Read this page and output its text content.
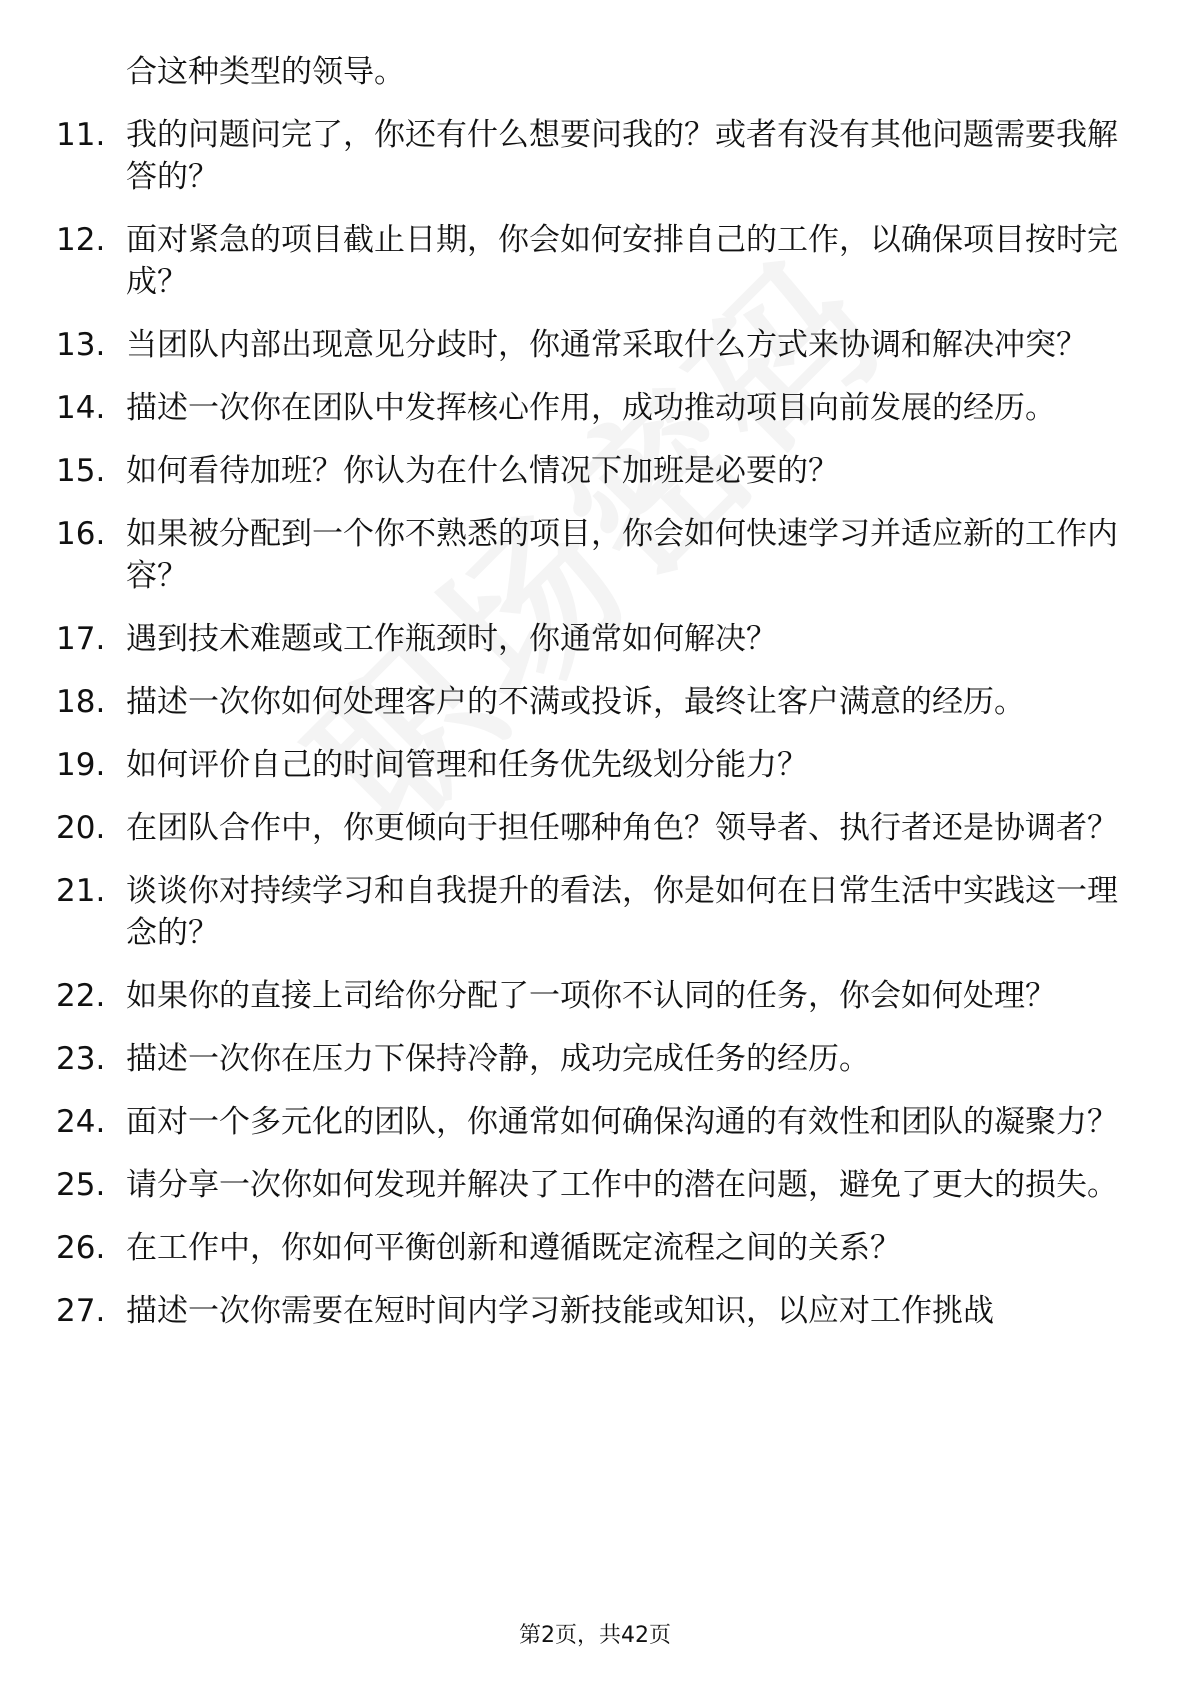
合这种类型的领导。
11. 我的问题问完了，你还有什么想要问我的？或者有没有其他问题需要我解答的？
12. 面对紧急的项目截止日期，你会如何安排自己的工作，以确保项目按时完成？
13. 当团队内部出现意见分歧时，你通常采取什么方式来协调和解决冲突？
14. 描述一次你在团队中发挥核心作用，成功推动项目向前发展的经历。
15. 如何看待加班？你认为在什么情况下加班是必要的？
16. 如果被分配到一个你不熟悉的项目，你会如何快速学习并适应新的工作内容？
17. 遇到技术难题或工作瓶颈时，你通常如何解决？
18. 描述一次你如何处理客户的不满或投诉，最终让客户满意的经历。
19. 如何评价自己的时间管理和任务优先级划分能力？
20. 在团队合作中，你更倾向于担任哪种角色？领导者、执行者还是协调者？
21. 谈谈你对持续学习和自我提升的看法，你是如何在日常生活中实践这一理念的？
22. 如果你的直接上司给你分配了一项你不认同的任务，你会如何处理？
23. 描述一次你在压力下保持冷静，成功完成任务的经历。
24. 面对一个多元化的团队，你通常如何确保沟通的有效性和团队的凝聚力？
25. 请分享一次你如何发现并解决了工作中的潜在问题，避免了更大的损失。
26. 在工作中，你如何平衡创新和遵循既定流程之间的关系？
27. 描述一次你需要在短时间内学习新技能或知识，以应对工作挑战
第2页，共42页
